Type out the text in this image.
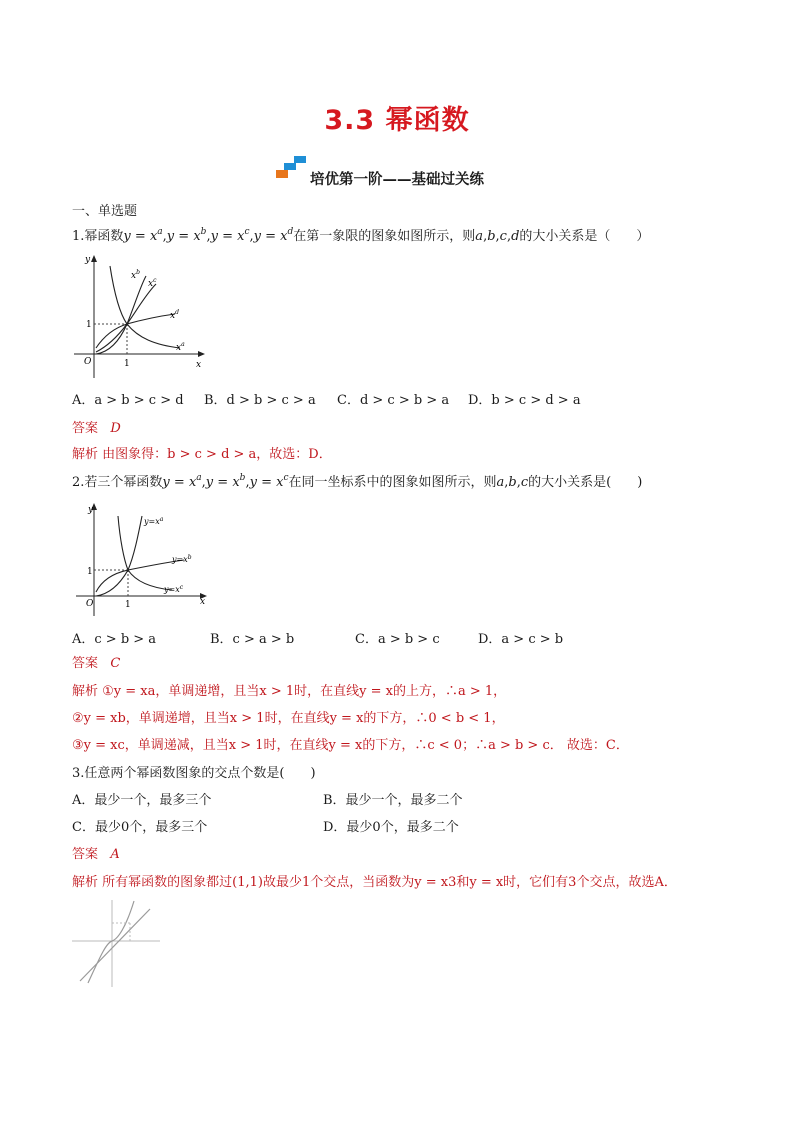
3.3 幂函数
培优第一阶——基础过关练
一、单选题
1.幂函数$y = x^a,y = x^b,y = x^c,y = x^d$在第一象限的图象如图所示，则a,b,c,d的大小关系是（　　）
y
x
O	1
1
$x^b$
$x^c$
$x^d$
$x^a$
A．a > b > c > d B．d > b > c > a C．d > c > b > a D．b > c > d > a
答案 D
解析 由图象得：b > c > d > a，故选：D．
2.若三个幂函数$y = x^a,y = x^b,y = x^c$在同一坐标系中的图象如图所示，则a,b,c的大小关系是(　　)
y
x
O	1
1
$y=x^a$
$y=x^b$
$y=x^c$
A．c > b > a	B．c > a > b	C．a > b > c	D．a > c > b
答案 C
解析 ①y = xa，单调递增，且当x > 1时，在直线y = x的上方，∴a > 1，
②y = xb，单调递增，且当x > 1时，在直线y = x的下方，∴0 < b < 1，
③y = xc，单调递减，且当x > 1时，在直线y = x的下方，∴c < 0；∴a > b > c． 故选：C．
3.任意两个幂函数图象的交点个数是(　　)
A．最少一个，最多三个	B．最少一个，最多二个
C．最少0个，最多三个	D．最少0个，最多二个
答案 A
解析 所有幂函数的图象都过(1,1)故最少1个交点，当函数为y = x3和y = x时，它们有3个交点，故选A．
